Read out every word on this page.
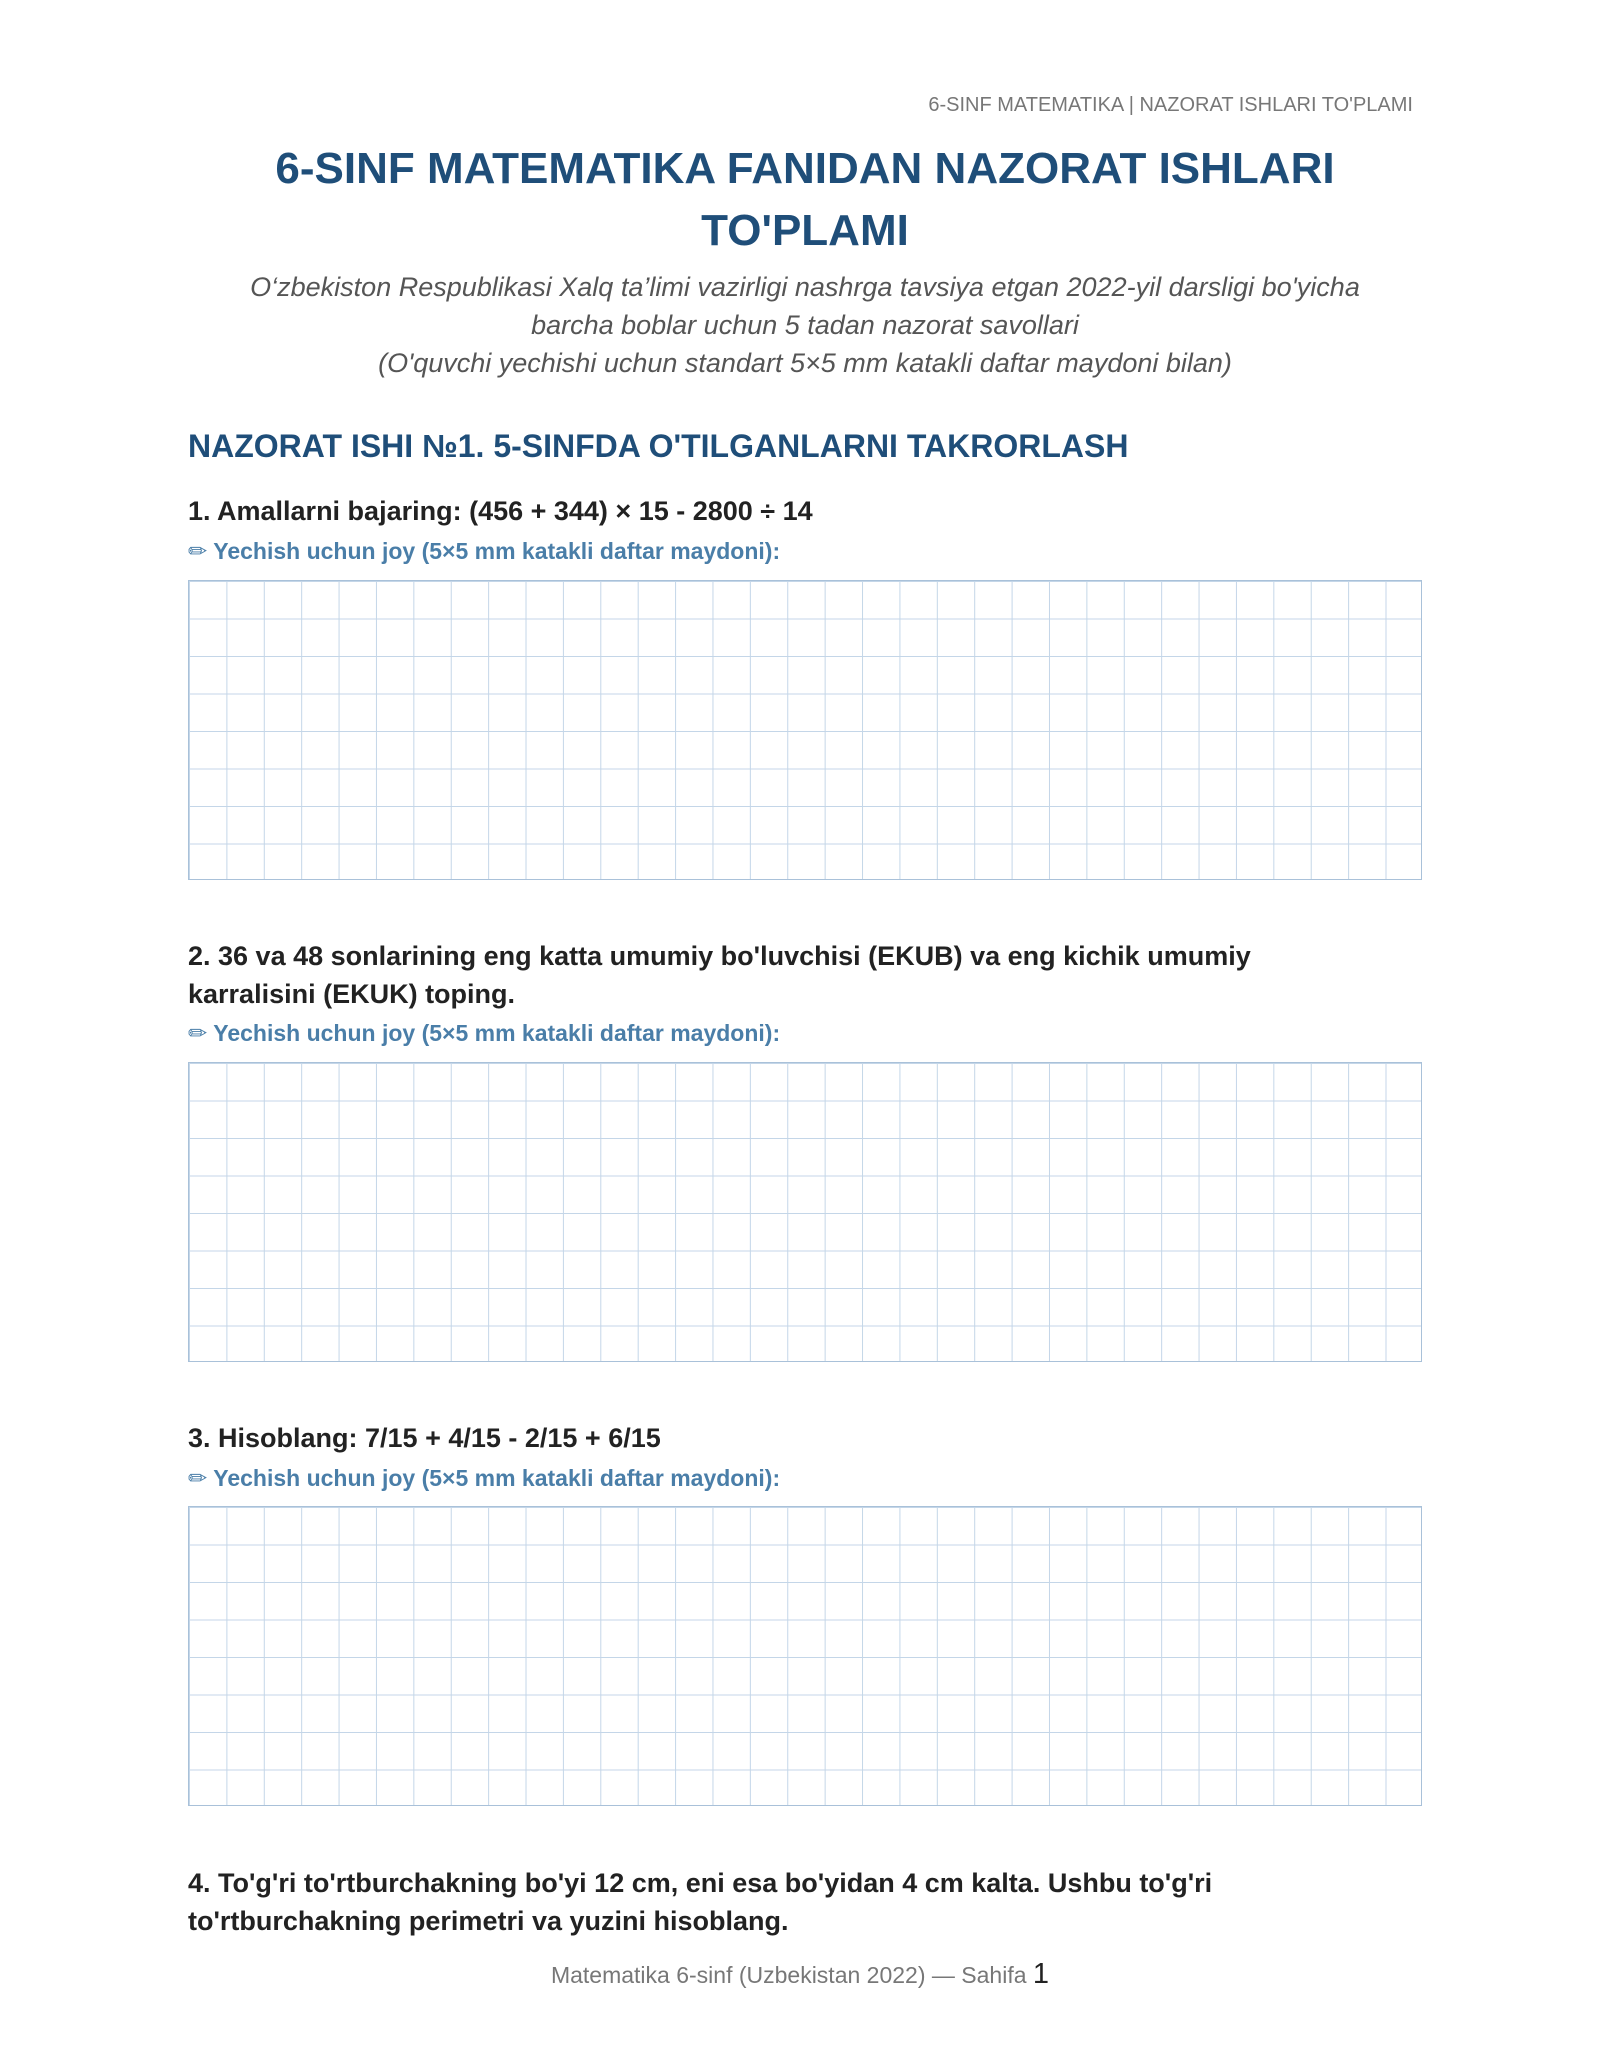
6-SINF MATEMATIKA | NAZORAT ISHLARI TO'PLAMI
6-SINF MATEMATIKA FANIDAN NAZORAT ISHLARI
TO'PLAMI
O‘zbekiston Respublikasi Xalq ta’limi vazirligi nashrga tavsiya etgan 2022-yil darsligi bo'yicha
barcha boblar uchun 5 tadan nazorat savollari
(O'quvchi yechishi uchun standart 5×5 mm katakli daftar maydoni bilan)
NAZORAT ISHI №1. 5-SINFDA O'TILGANLARNI TAKRORLASH
1. Amallarni bajaring: (456 + 344) × 15 - 2800 ÷ 14
✏ Yechish uchun joy (5×5 mm katakli daftar maydoni):
2. 36 va 48 sonlarining eng katta umumiy bo'luvchisi (EKUB) va eng kichik umumiy
karralisini (EKUK) toping.
✏ Yechish uchun joy (5×5 mm katakli daftar maydoni):
3. Hisoblang: 7/15 + 4/15 - 2/15 + 6/15
✏ Yechish uchun joy (5×5 mm katakli daftar maydoni):
4. To'g'ri to'rtburchakning bo'yi 12 cm, eni esa bo'yidan 4 cm kalta. Ushbu to'g'ri
to'rtburchakning perimetri va yuzini hisoblang.
Matematika 6-sinf (Uzbekistan 2022) — Sahifa 1
